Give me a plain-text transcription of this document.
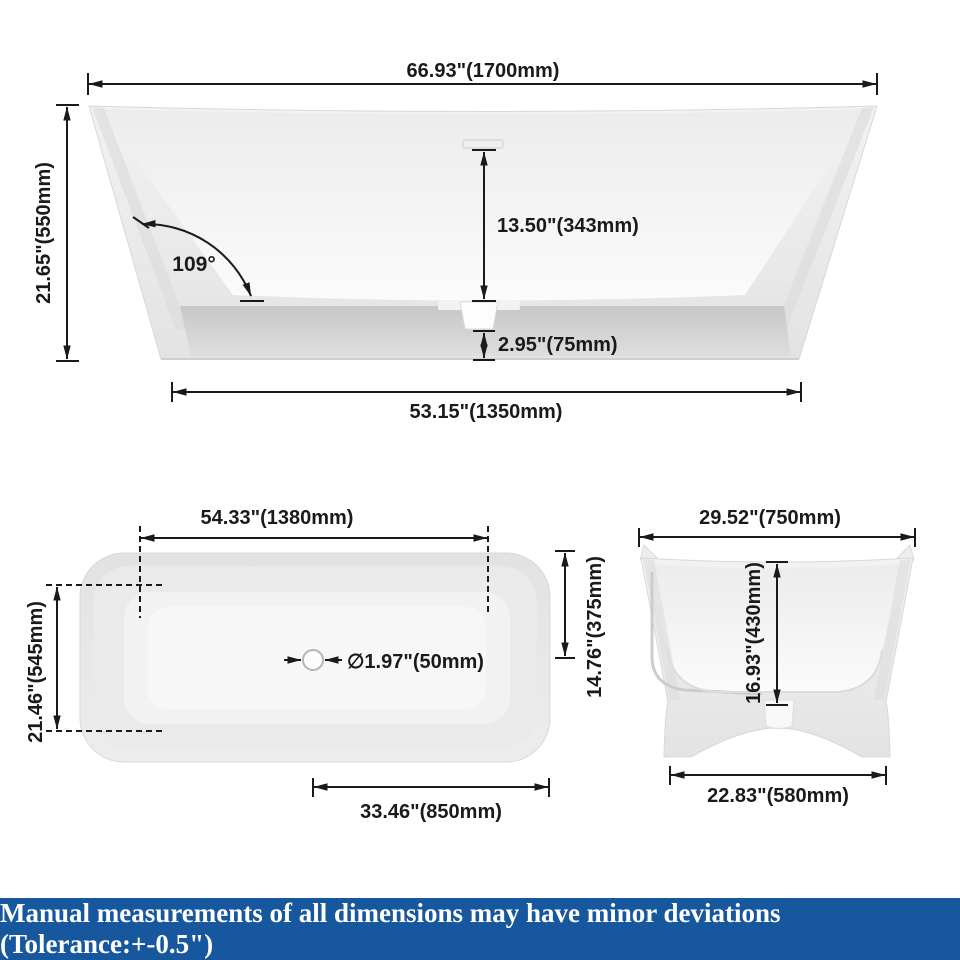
66.93"(1700mm)
21.65"(550mm)	109°
13.50"(343mm)
2.95"(75mm)
53.15"(1350mm)
54.33"(1380mm)
21.46"(545mm)	∅1.97"(50mm)
33.46"(850mm)
14.76"(375mm)
29.52"(750mm)
16.93"(430mm)
22.83"(580mm)
Manual measurements of all dimensions may have minor deviations (Tolerance:+-0.5")
